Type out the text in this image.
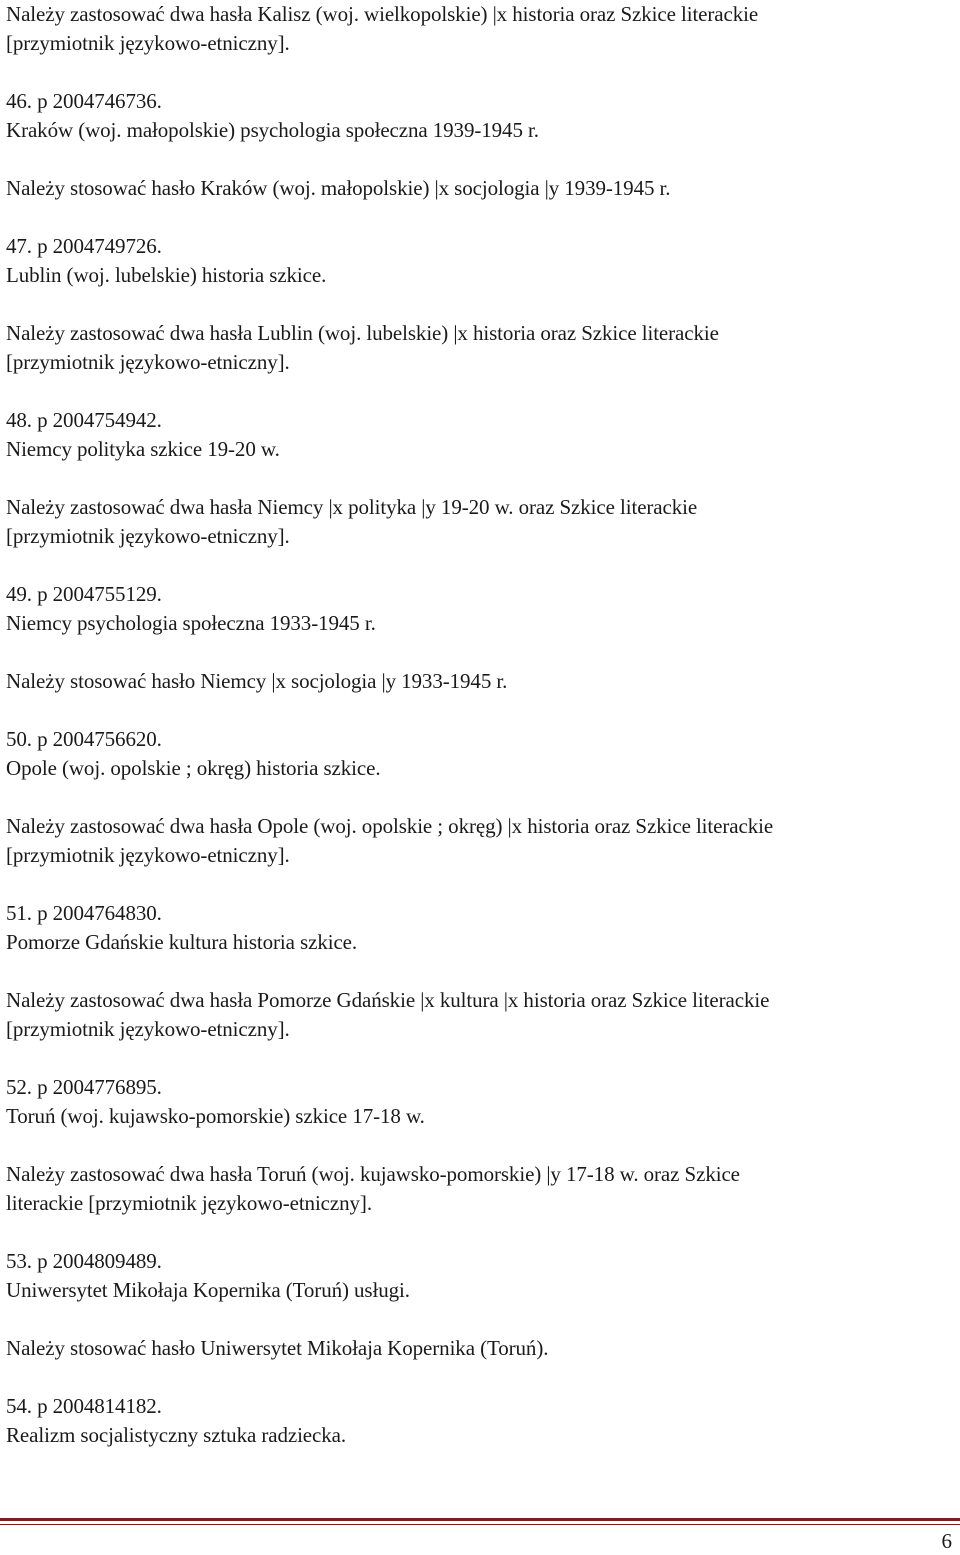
Należy zastosować dwa hasła Kalisz (woj. wielkopolskie) |x historia oraz Szkice literackie
[przymiotnik językowo-etniczny].
46. p 2004746736.
Kraków (woj. małopolskie) psychologia społeczna 1939-1945 r.
Należy stosować hasło Kraków (woj. małopolskie) |x socjologia |y 1939-1945 r.
47. p 2004749726.
Lublin (woj. lubelskie) historia szkice.
Należy zastosować dwa hasła Lublin (woj. lubelskie) |x historia oraz Szkice literackie
[przymiotnik językowo-etniczny].
48. p 2004754942.
Niemcy polityka szkice 19-20 w.
Należy zastosować dwa hasła Niemcy |x polityka |y 19-20 w. oraz Szkice literackie
[przymiotnik językowo-etniczny].
49. p 2004755129.
Niemcy psychologia społeczna 1933-1945 r.
Należy stosować hasło Niemcy |x socjologia |y 1933-1945 r.
50. p 2004756620.
Opole (woj. opolskie ; okręg) historia szkice.
Należy zastosować dwa hasła Opole (woj. opolskie ; okręg) |x historia oraz Szkice literackie
[przymiotnik językowo-etniczny].
51. p 2004764830.
Pomorze Gdańskie kultura historia szkice.
Należy zastosować dwa hasła Pomorze Gdańskie |x kultura |x historia oraz Szkice literackie
[przymiotnik językowo-etniczny].
52. p 2004776895.
Toruń (woj. kujawsko-pomorskie) szkice 17-18 w.
Należy zastosować dwa hasła Toruń (woj. kujawsko-pomorskie) |y 17-18 w. oraz Szkice
literackie [przymiotnik językowo-etniczny].
53. p 2004809489.
Uniwersytet Mikołaja Kopernika (Toruń) usługi.
Należy stosować hasło Uniwersytet Mikołaja Kopernika (Toruń).
54. p 2004814182.
Realizm socjalistyczny sztuka radziecka.
6
